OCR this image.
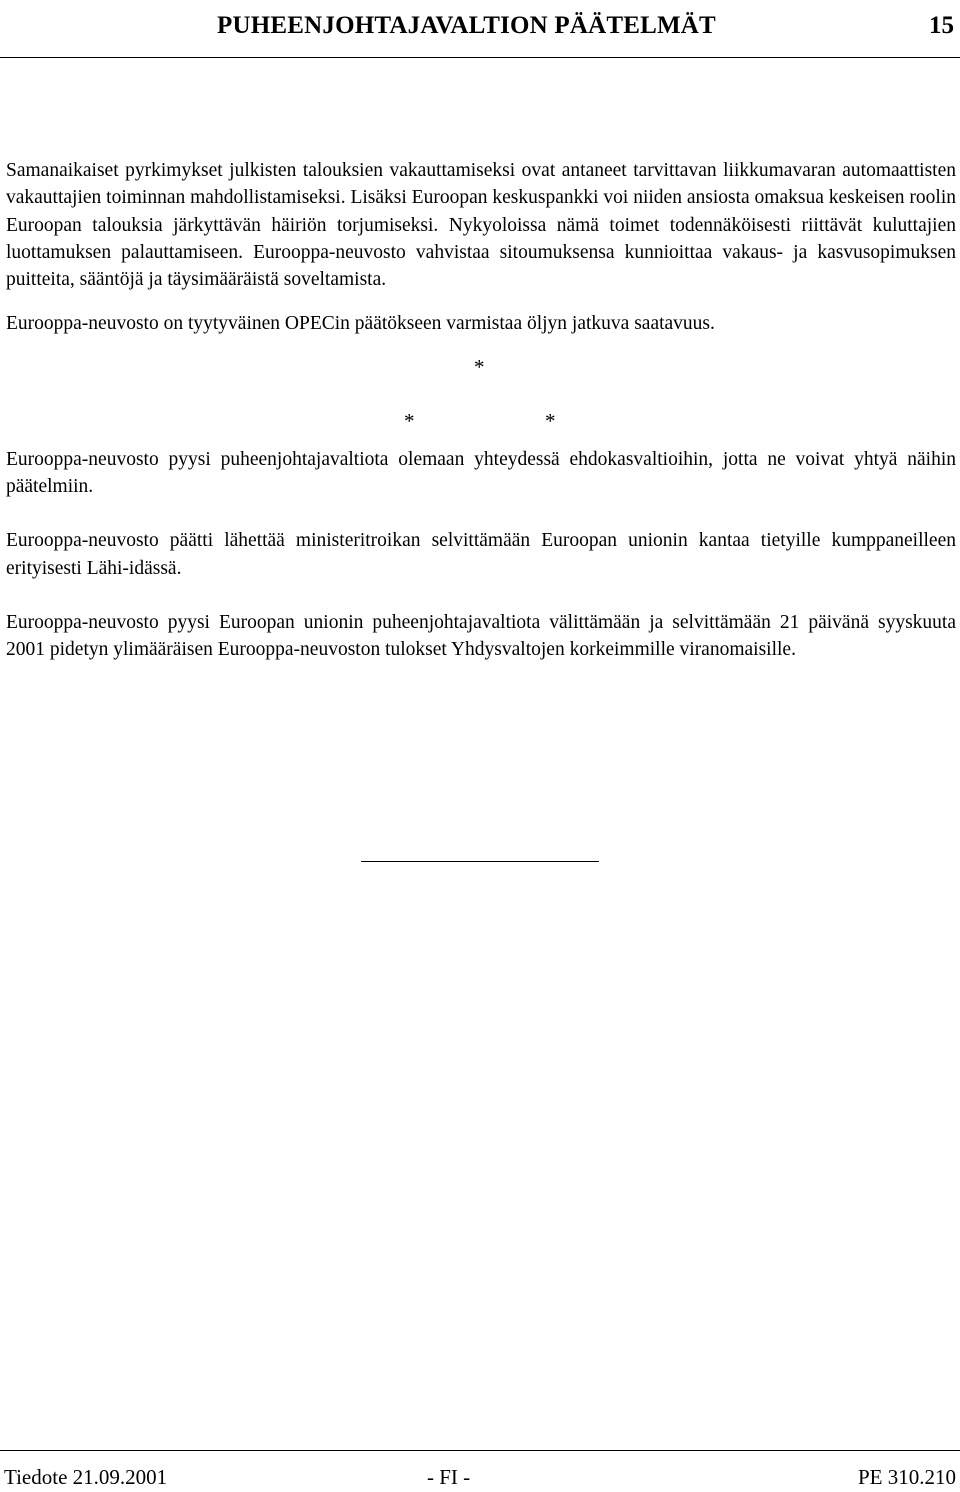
PUHEENJOHTAJAVALTION PÄÄTELMÄT	15

Samanaikaiset pyrkimykset julkisten talouksien vakauttamiseksi ovat antaneet tarvittavan liikkumavaran automaattisten vakauttajien toiminnan mahdollistamiseksi. Lisäksi Euroopan keskuspankki voi niiden ansiosta omaksua keskeisen roolin Euroopan talouksia järkyttävän häiriön torjumiseksi. Nykyoloissa nämä toimet todennäköisesti riittävät kuluttajien luottamuksen palauttamiseen. Eurooppa-neuvosto vahvistaa sitoumuksensa kunnioittaa vakaus- ja kasvusopimuksen puitteita, sääntöjä ja täysimääräistä soveltamista.

Eurooppa-neuvosto on tyytyväinen OPECin päätökseen varmistaa öljyn jatkuva saatavuus.

*
*	*

Eurooppa-neuvosto pyysi puheenjohtajavaltiota olemaan yhteydessä ehdokasvaltioihin, jotta ne voivat yhtyä näihin päätelmiin.

Eurooppa-neuvosto päätti lähettää ministeritroikan selvittämään Euroopan unionin kantaa tietyille kumppaneilleen erityisesti Lähi-idässä.

Eurooppa-neuvosto pyysi Euroopan unionin puheenjohtajavaltiota välittämään ja selvittämään 21 päivänä syyskuuta 2001 pidetyn ylimääräisen Eurooppa-neuvoston tulokset Yhdysvaltojen korkeimmille viranomaisille.

Tiedote 21.09.2001	- FI -	PE 310.210
